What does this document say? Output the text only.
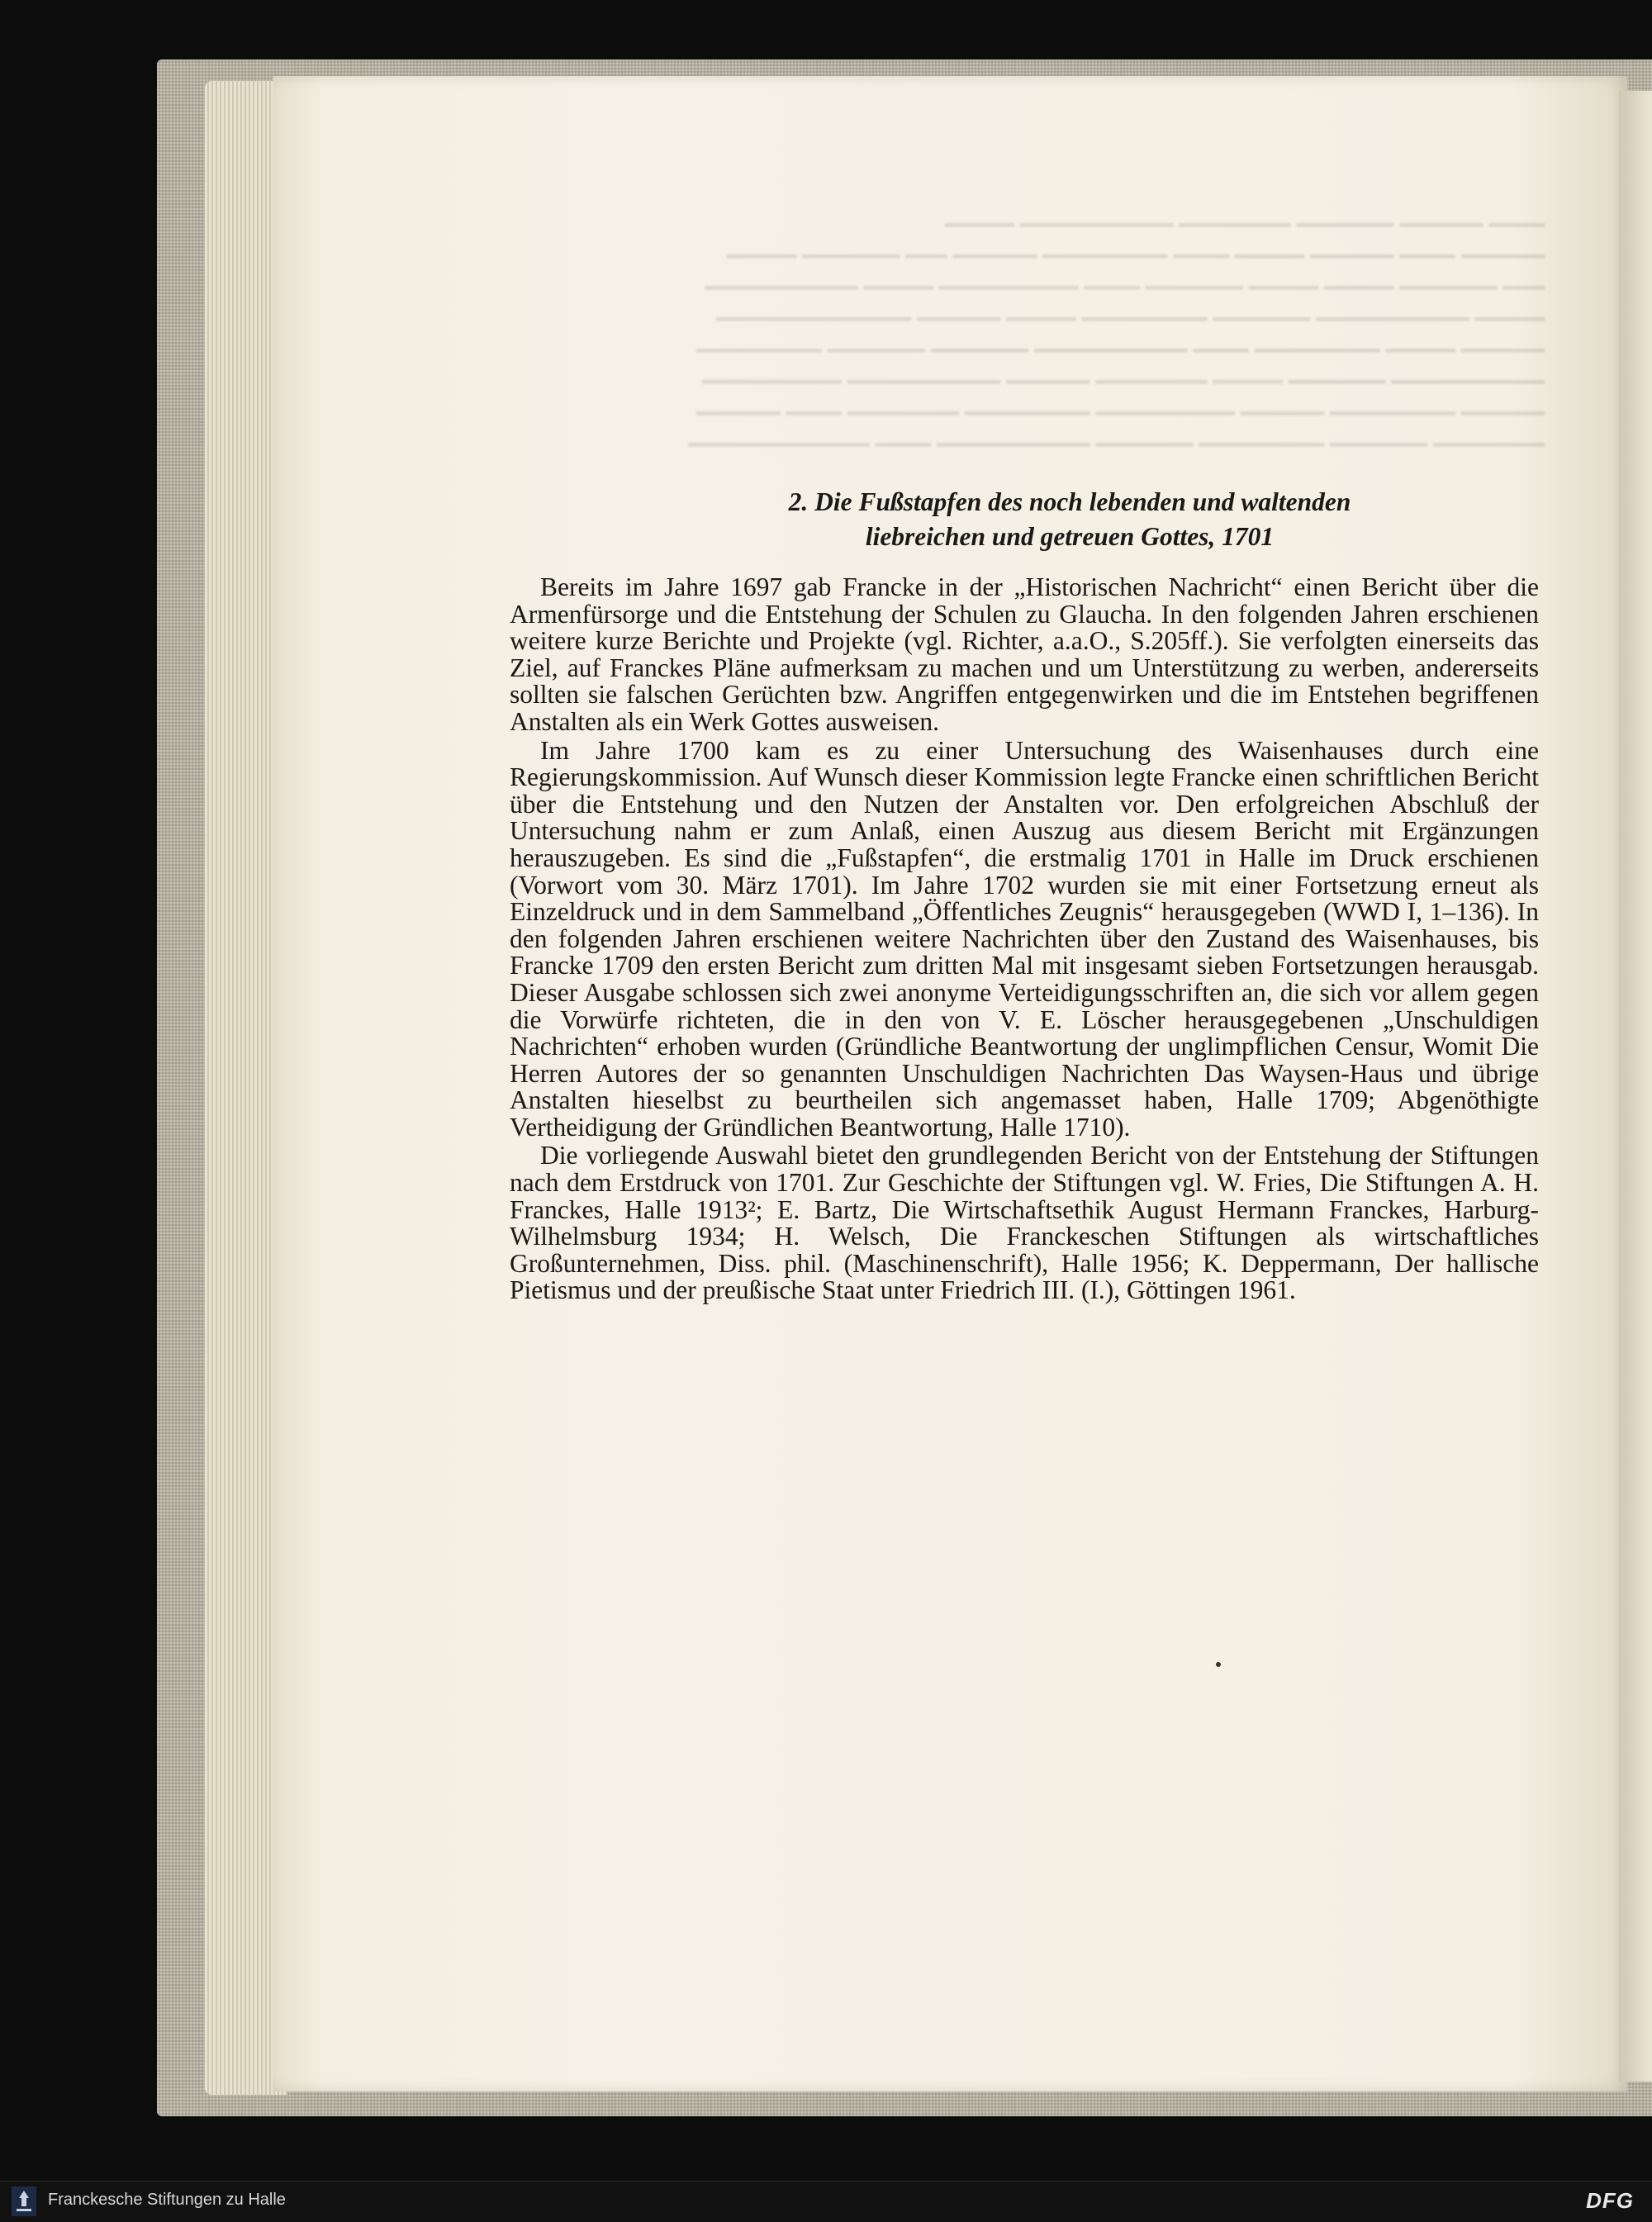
━━━━ ━━━━━━ ━━━━━━━ ━━━━━━━━ ━━━━━━━━━━━ ━━━━━
━━━━━━ ━━━━ ━━━━━━ ━━━━━ ━━━━ ━━━━━━━━━ ━━━━━━ ━━━ ━━━━━━━ ━━━━━
━━━ ━━━━━━━ ━━━━━ ━━━━━ ━━━━━━━ ━━━━ ━━━━━━━━━━ ━━━━━ ━━━━━━━━━━━
━━━━━ ━━━━━━━━━━━ ━━━━━━━ ━━━━━━━━━ ━━━━━ ━━━━━━ ━━━━━━━━━━━━━━
━━━━━━ ━━━━━ ━━━━━━━━━ ━━━━ ━━━━━━━━━━━ ━━━━━━━ ━━━━━━━ ━━━━━━━━━
━━━━━━━━━━━ ━━━━━━━ ━━━━━ ━━━━━━━━ ━━━━━━ ━━━━━━━━━━━ ━━━━━━━━━━
━━━━━━ ━━━━━━━━━ ━━━━━━ ━━━━━━━━━━ ━━━━━━━━━ ━━━━━━━━ ━━━━ ━━━━━━
━━━━━━━━ ━━━━━━━ ━━━━━━━━━ ━━━━━━━ ━━━━━━━━━━━ ━━━━ ━━━━━━━━━━━━━
2. Die Fußstapfen des noch lebenden und waltenden
liebreichen und getreuen Gottes, 1701

Bereits im Jahre 1697 gab Francke in der „Historischen Nachricht“ einen Bericht über die Armenfürsorge und die Entstehung der Schulen zu Glaucha. In den folgenden Jahren erschienen weitere kurze Berichte und Projekte (vgl. Richter, a.a.O., S.205ff.). Sie verfolgten einerseits das Ziel, auf Franckes Pläne aufmerksam zu machen und um Unterstützung zu werben, andererseits sollten sie falschen Gerüchten bzw. Angriffen entgegenwirken und die im Entstehen begriffenen Anstalten als ein Werk Gottes ausweisen.

Im Jahre 1700 kam es zu einer Untersuchung des Waisenhauses durch eine Regierungskommission. Auf Wunsch dieser Kommission legte Francke einen schriftlichen Bericht über die Entstehung und den Nutzen der Anstalten vor. Den erfolgreichen Abschluß der Untersuchung nahm er zum Anlaß, einen Auszug aus diesem Bericht mit Ergänzungen herauszugeben. Es sind die „Fußstapfen“, die erstmalig 1701 in Halle im Druck erschienen (Vorwort vom 30. März 1701). Im Jahre 1702 wurden sie mit einer Fortsetzung erneut als Einzeldruck und in dem Sammelband „Öffentliches Zeugnis“ herausgegeben (WWD I, 1–136). In den folgenden Jahren erschienen weitere Nachrichten über den Zustand des Waisenhauses, bis Francke 1709 den ersten Bericht zum dritten Mal mit insgesamt sieben Fortsetzungen herausgab. Dieser Ausgabe schlossen sich zwei anonyme Verteidigungsschriften an, die sich vor allem gegen die Vorwürfe richteten, die in den von V. E. Löscher herausgegebenen „Unschuldigen Nachrichten“ erhoben wurden (Gründliche Beantwortung der unglimpflichen Censur, Womit Die Herren Autores der so genannten Unschuldigen Nachrichten Das Waysen-Haus und übrige Anstalten hieselbst zu beurtheilen sich angemasset haben, Halle 1709; Abgenöthigte Vertheidigung der Gründlichen Beantwortung, Halle 1710).

Die vorliegende Auswahl bietet den grundlegenden Bericht von der Entstehung der Stiftungen nach dem Erstdruck von 1701. Zur Geschichte der Stiftungen vgl. W. Fries, Die Stiftungen A. H. Franckes, Halle 1913²; E. Bartz, Die Wirtschaftsethik August Hermann Franckes, Harburg-Wilhelmsburg 1934; H. Welsch, Die Franckeschen Stiftungen als wirtschaftliches Großunternehmen, Diss. phil. (Maschinenschrift), Halle 1956; K. Deppermann, Der hallische Pietismus und der preußische Staat unter Friedrich III. (I.), Göttingen 1961.

Franckesche Stiftungen zu Halle	DFG
